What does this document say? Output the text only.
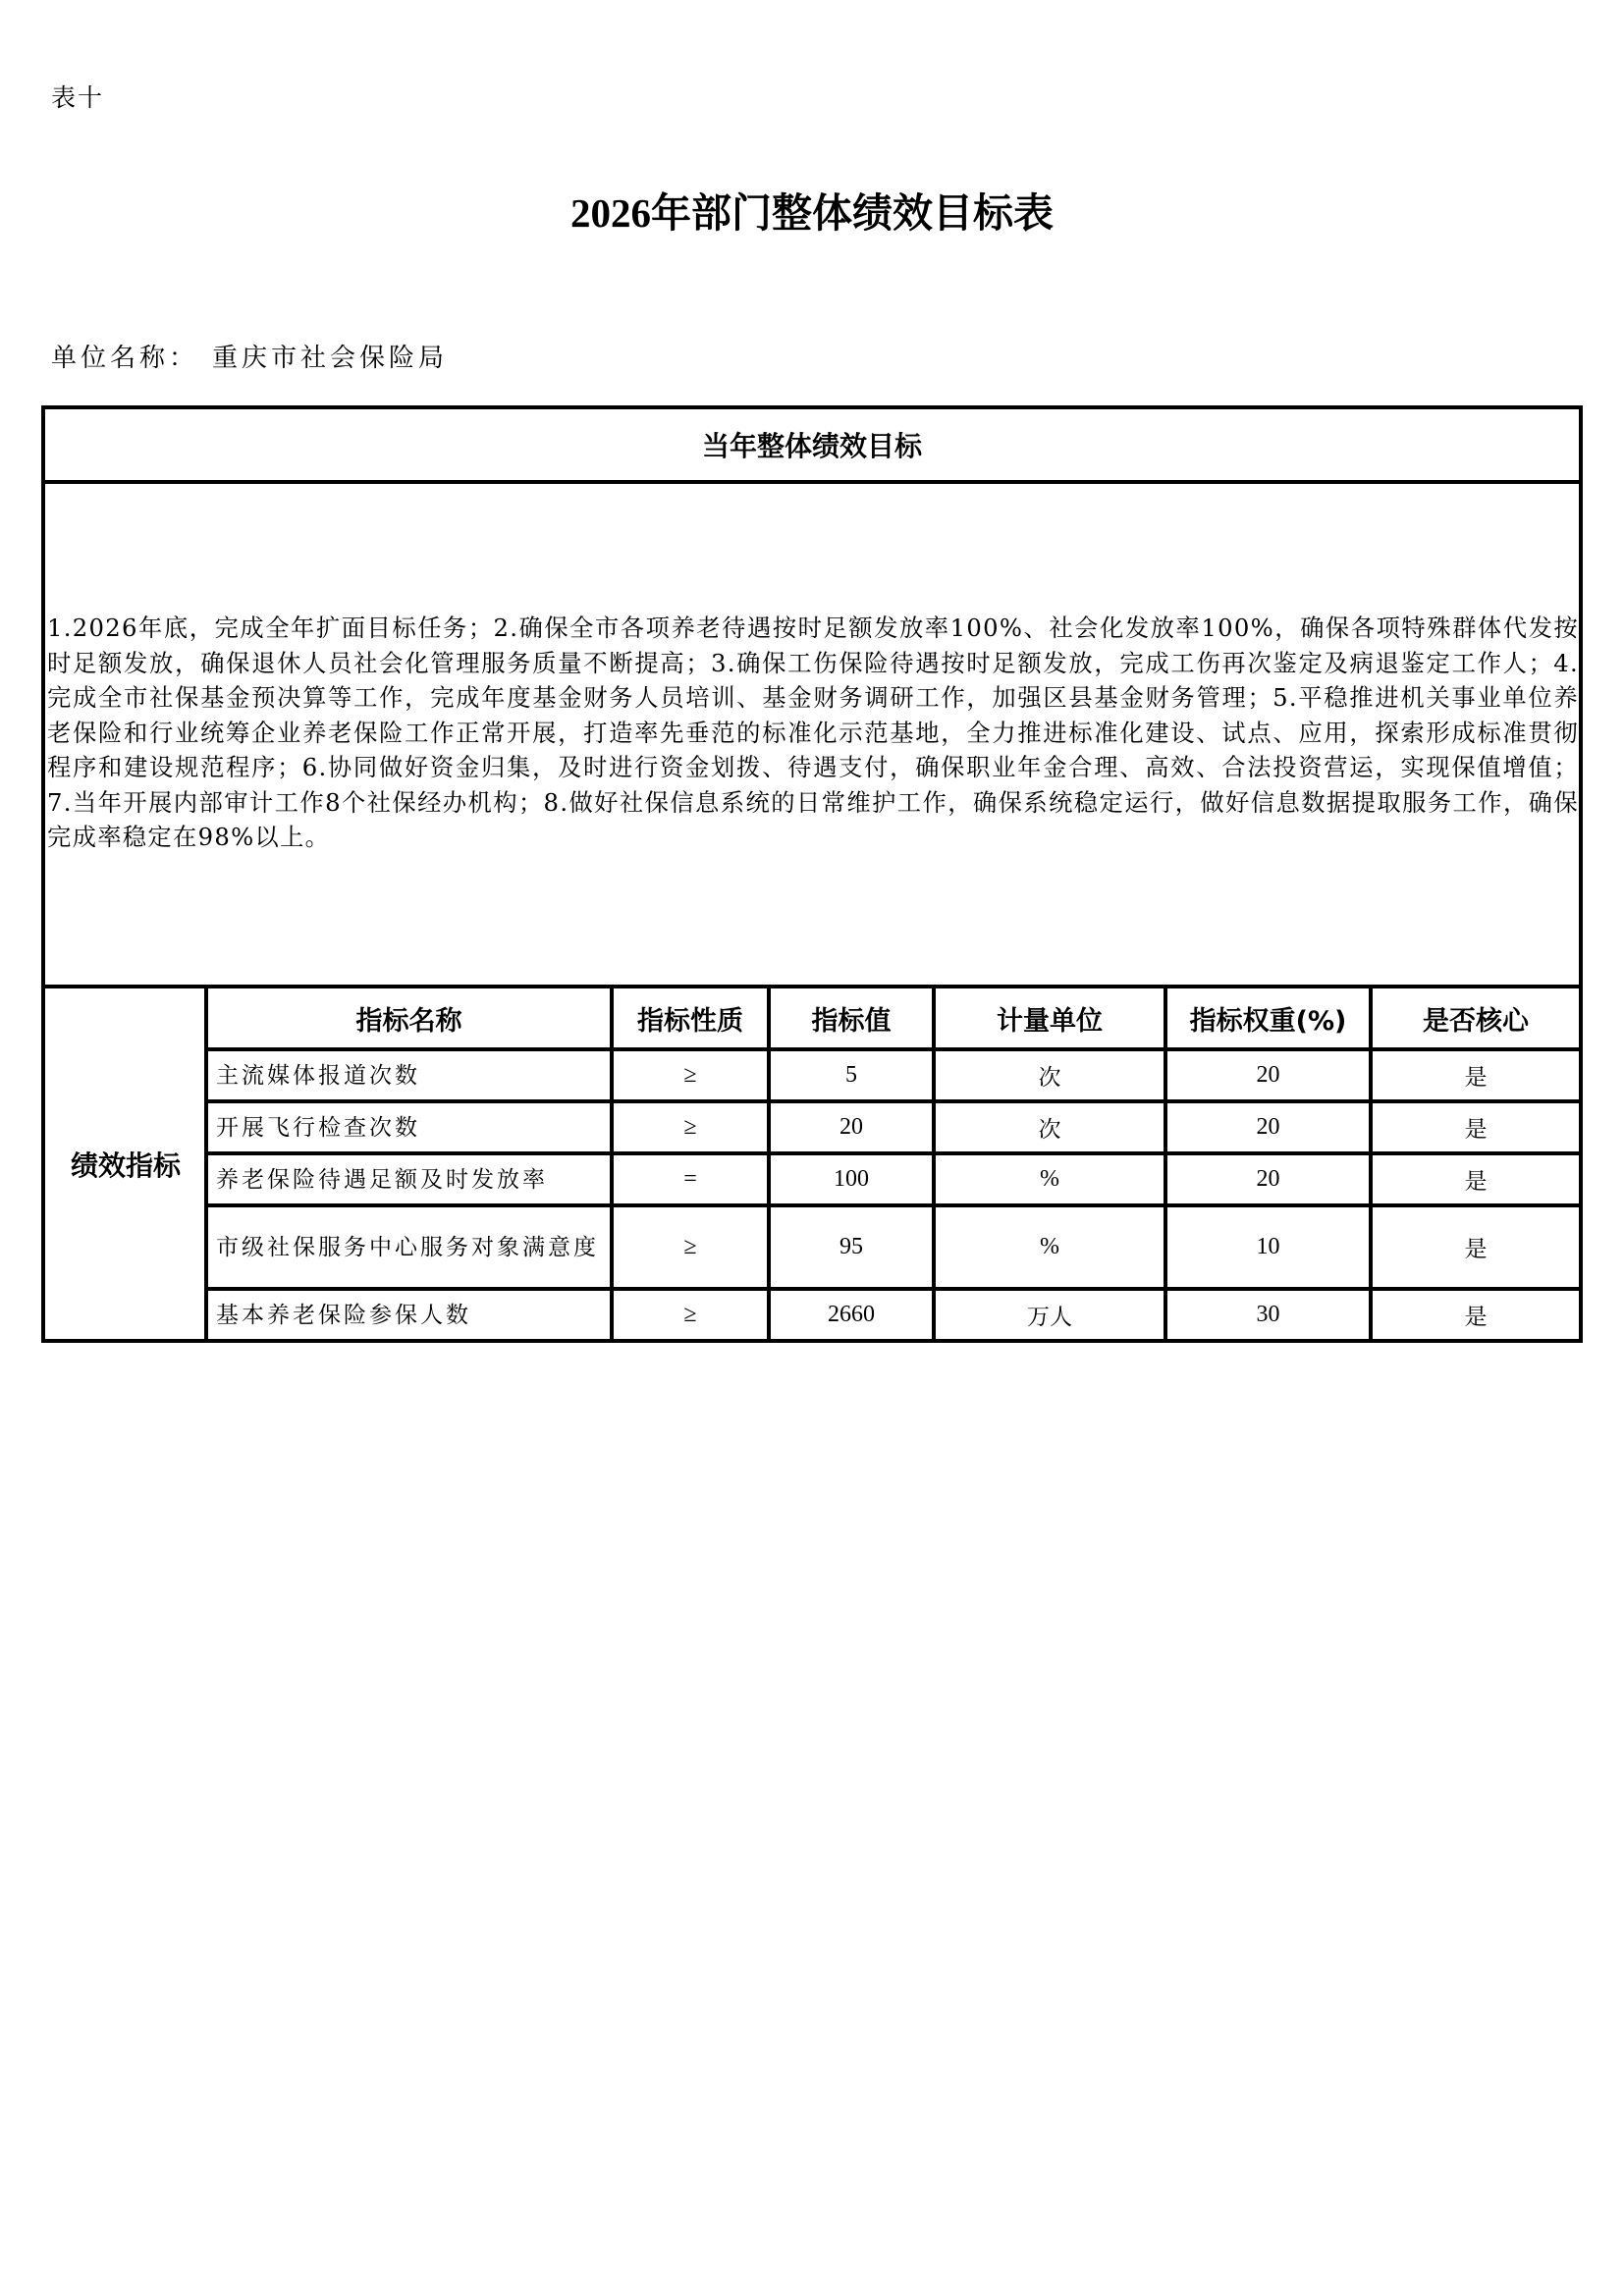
表十
2026年部门整体绩效目标表
单位名称： 重庆市社会保险局
当年整体绩效目标
1.2026年底，完成全年扩面目标任务；2.确保全市各项养老待遇按时足额发放率100%、社会化发放率100%，确保各项特殊群体代发按时足额发放，确保退休人员社会化管理服务质量不断提高；3.确保工伤保险待遇按时足额发放，完成工伤再次鉴定及病退鉴定工作人；4.完成全市社保基金预决算等工作，完成年度基金财务人员培训、基金财务调研工作，加强区县基金财务管理；5.平稳推进机关事业单位养老保险和行业统筹企业养老保险工作正常开展，打造率先垂范的标准化示范基地，全力推进标准化建设、试点、应用，探索形成标准贯彻程序和建设规范程序；6.协同做好资金归集，及时进行资金划拨、待遇支付，确保职业年金合理、高效、合法投资营运，实现保值增值；7.当年开展内部审计工作8个社保经办机构；8.做好社保信息系统的日常维护工作，确保系统稳定运行，做好信息数据提取服务工作，确保完成率稳定在98%以上。
绩效指标
指标名称	指标性质	指标值	计量单位	指标权重(%)	是否核心
主流媒体报道次数	≥	5	次	20	是
开展飞行检查次数	≥	20	次	20	是
养老保险待遇足额及时发放率	=	100	%	20	是
市级社保服务中心服务对象满意度	≥	95	%	10	是
基本养老保险参保人数	≥	2660	万人	30	是
